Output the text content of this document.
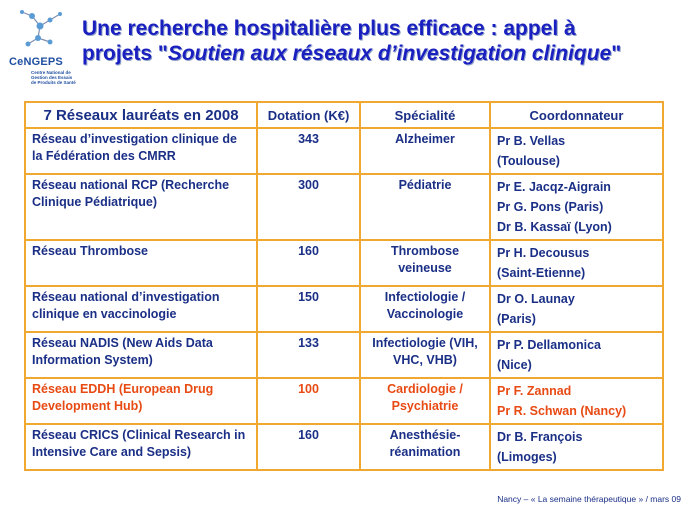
CeNGEPS
Centre National de Gestion des Essais de Produits de Santé
Une recherche hospitalière plus efficace : appel à
projets "Soutien aux réseaux d’investigation clinique"
7 Réseaux lauréats en 2008	Dotation (K€)	Spécialité	Coordonnateur
Réseau d’investigation clinique de la Fédération des CMRR	343	Alzheimer	Pr B. Vellas
(Toulouse)

Réseau national RCP (Recherche Clinique Pédiatrique)	300	Pédiatrie	Pr E. Jacqz-Aigrain
Pr G. Pons (Paris)
Dr B. Kassaï (Lyon)

Réseau Thrombose	160	Thrombose veineuse	Pr H. Decousus
(Saint-Etienne)

Réseau national d’investigation clinique en vaccinologie	150	Infectiologie / Vaccinologie	Dr O. Launay
(Paris)

Réseau NADIS (New Aids Data Information System)	133	Infectiologie (VIH, VHC, VHB)	Pr P. Dellamonica
(Nice)

Réseau EDDH (European Drug Development Hub)	100	Cardiologie / Psychiatrie	Pr F. Zannad
Pr R. Schwan (Nancy)

Réseau CRICS (Clinical Research in Intensive Care and Sepsis)	160	Anesthésie-réanimation	Dr B. François
(Limoges)
Nancy – « La semaine thérapeutique » / mars 09
